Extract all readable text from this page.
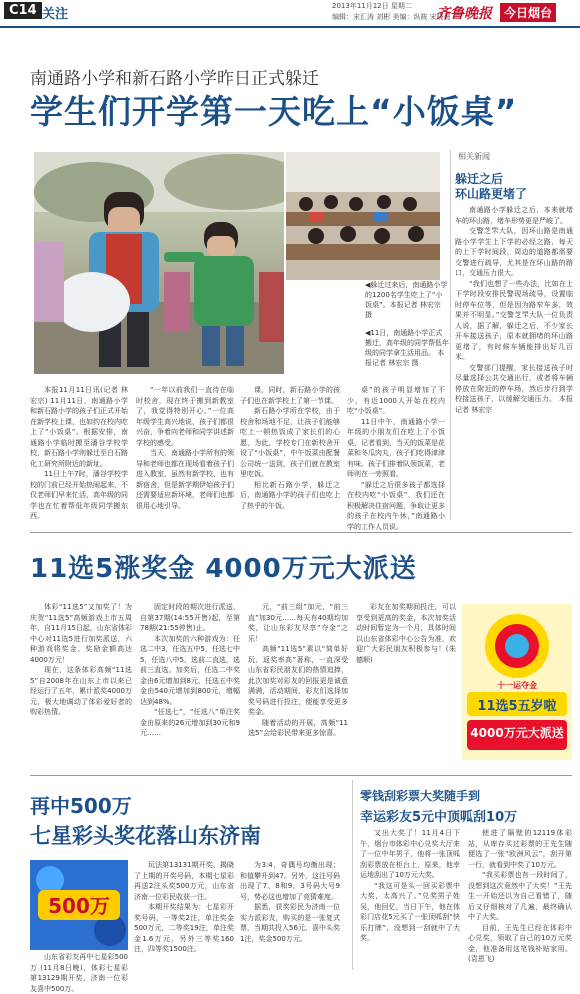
C14 关注
2013年11月12日 星期二
编辑：宋汇涛 刘彬 美编：纵筱 宋晓晨
齐鲁晚报	今日烟台
南通路小学和新石路小学昨日正式躲迁
学生们开学第一天吃上“小饭桌”
◀躲迁过来后，南通路小学的1200名学生吃上了“小饭桌”。本报记者 林宏宗 摄
◀11日，南通路小学正式搬迁，高年级的同学帮低年级的同学拿生活用品。 本报记者 林宏宗 摄

本报11月11日讯(记者 林宏宗) 11月11日，南通路小学和新石路小学的孩子们正式开始在新学校上课，也如约在校内吃上了“小饭桌”。根据安排，南通路小学临时搬至潘谷学校学校，新石路小学则躲迁至白石路化工研究所附近的新址。

11日上午7时，潘谷学校学校的门前已经开始热闹起来，不仅老师们早来忙活，高年级的同学也在忙着帮低年级同学搬东西。

“一年以前我们一直待在临时校舍，现在终于搬到新教室了，我觉得特别开心。”一位高年级学生高兴地说，孩子们都很兴奋，争着向老师和同学讲述新学校的感受。

当天，南通路小学所有的领导和老师也都在现场看着孩子们进入教室，虽然有新学校，也有新宿舍，但是新学期伊始孩子们还需要适应新环境，老师们也都很用心地引导。

课，同时，新石路小学的孩子们也在新学校上了第一节课。

新石路小学所在学校，由于校舍和场地不足，让孩子们能够吃上一顿热饭成了家长们的心愿，为此，学校专门在新校舍开设了“小饭桌”，中午饭菜由配餐公司统一送到，孩子们就在教室里吃饭。

相比新石路小学，躲迁之后，南通路小学的孩子们也吃上了热乎的午饭。

桌”的孩子明显增加了不少，有近1000人开始在校内吃“小饭桌”。

11日中午，南通路小学一年级的小朋友们在吃上了小饭桌，记者看到，当天的饭菜是花菜和冬瓜肉丸，孩子们吃得津津有味。孩子们排着队领饭菜，老师则在一旁照看。

“躲迁之后很多孩子都选择在校内吃“小饭桌”，我们还在积极解决住宿问题，争取让更多的孩子在校内午休，”南通路小学的工作人员说。

相关新闻
躲迁之后
环山路更堵了

南通路小学躲迁之后，本来就堵车的环山路，堵车形势更是严峻了。

交警芝罘大队，因环山路是南通路小学学生上下学的必经之路，每天的上下学时间段，周边的道路都需要交警进行疏导，尤其是在环山路的路口，交通压力很大。

“我们也想了一些办法，比如在上下学时段安排民警现场疏导，设置临时停车位等，但是因为路窄车多，效果并不明显。”交警芝罘大队一位负责人说，据了解，躲迁之后，不少家长开车接送孩子，原本就拥堵的环山路更堵了，有时候车辆能排出好几百米。

交警部门提醒，家长接送孩子时尽量选择公共交通出行，或者将车辆停放在附近的停车场，然后步行到学校接送孩子，以缓解交通压力。 本报记者 林宏宗

11选5涨奖金 4000万元大派送

体彩“11选5”又加奖了！为庆贺“11选5”高频游戏上市五周年，自11月15日起，山东省体彩中心对11选5进行加奖派送，六种游戏将奖金、奖励金额高达4000万元！

现在，这条体彩高频“11选5”自2008年在山东上市以来已经运行了五年，累计派奖4000万元，极大地调动了体彩爱好者的购彩热情。

固定时段的期次进行派送，自第37期(14:55开售)起，至第78期(21:55停售)止。

本次加奖的六种游戏为：任选二中3，任选五中5，任选七中5，任选八中5，选前二直选，选前三直选。加奖后，任选二中奖金由6元增加到8元，任选五中奖金由540元增加到800元，增幅达到48%。

“任选七”，“任选八”单注奖金由原来的26元增加到30元和9元……

元，“前三组”加元，“前三直”加30元……每天有40期均加奖，让山东彩友尽享“夺金”之乐！

高频“11选5”素以“简单好玩、返奖率高”著称，一直深受山东省彩民朋友们的热情追捧，此次加奖对彩友的回报更是诚意满满，活动期间，彩友们选择加奖号码进行投注，便能享受更多奖金。

随着活动的开展，高频“11选5”会给彩民带来更多惊喜。

彩友在加奖期间投注，可以享受到更高的奖金，本次加奖活动时间暂定为一个月，具体时间以山东省体彩中心公告为准，欢迎广大彩民朋友积极参与！(朱德顺)

十一运夺金
11选5五岁啦
4000万元大派送
再中500万
七星彩头奖花落山东济南
500万

山东省彩友再中七星彩500万 (11月8日晚)，体彩七星彩第13129期开奖，济南一位彩友喜中500万。

玩法第13131期开奖，揭晓了上期的开奖号码，本期七星彩再送2注头奖500万元，山东省济南一位彩民收获一注。

本期开奖结果为：七星彩开奖号码，一等奖2注，单注奖金500万元，二等奖19注，单注奖金1.6万元，另外三等奖160注，四等奖1500注。

为3:4，奇偶号均衡出现；和值攀升到47。另外，这注号码出现了7、8和9，3号码大号9号，势必这也增加了竞猜难度。

据悉，获奖彩民为济南一位实力派彩友，购买的是一张复式票，当期共投入56元，喜中头奖1注，奖金500万元。

零钱刮彩票大奖随手到
幸运彩友5元中顶呱刮10万

又出大奖了！11月4日下午，烟台市体彩中心兑奖大厅来了一位中年男子，他将一张顶呱刮彩票放在柜台上，原来，他幸运地刮出了10万元大奖。

“我这可是头一回买彩票中大奖，太高兴了。”兑奖男子姓吴，他回忆，当日下午，他在体彩门店花5元买了一张顶呱刮“快乐打牌”，没想到一刮就中了大奖。

使进了隔壁的12119体彩站，从库存买过彩票的王先生随便选了一张“欧洲风云”，刮开第一行，就看到中奖了10万元。

“我买彩票也有一段时间了，没想到这次竟然中了大奖！”王先生一开始还以为自己看错了，随后又仔细核对了几遍，最终确认中了大奖。

目前，王先生已经在体彩中心兑奖，领取了自己的10万元奖金，他准备用这笔钱补贴家用。(袁恩飞)
